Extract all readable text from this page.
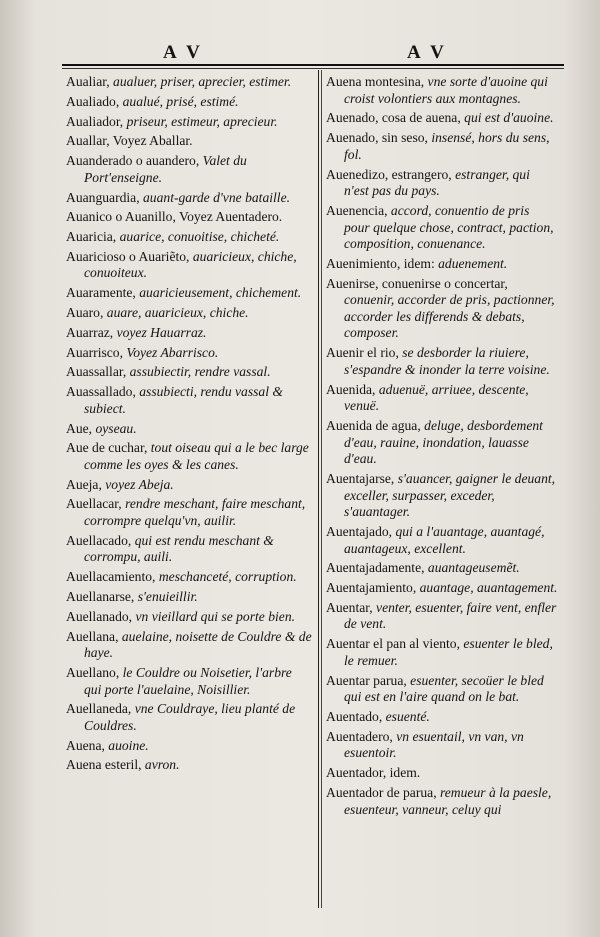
A V	A V
Aualiar, aualuer, priser, aprecier, estimer.
Aualiado, aualué, prisé, estimé.
Aualiador, priseur, estimeur, aprecieur.
Auallar, Voyez Aballar.
Auanderado o auandero, Valet du Port'enseigne.
Auanguardia, auant-garde d'vne bataille.
Auanico o Auanillo, Voyez Auentadero.
Auaricia, auarice, conuoitise, chicheté.
Auaricioso o Auariẽto, auaricieux, chiche, conuoiteux.
Auaramente, auaricieusement, chichement.
Auaro, auare, auaricieux, chiche.
Auarraz, voyez Hauarraz.
Auarrisco, Voyez Abarrisco.
Auassallar, assubiectir, rendre vassal.
Auassallado, assubiecti, rendu vassal & subiect.
Aue, oyseau.
Aue de cuchar, tout oiseau qui a le bec large comme les oyes & les canes.
Aueja, voyez Abeja.
Auellacar, rendre meschant, faire meschant, corrompre quelqu'vn, auilir.
Auellacado, qui est rendu meschant & corrompu, auili.
Auellacamiento, meschanceté, corruption.
Auellanarse, s'enuieillir.
Auellanado, vn vieillard qui se porte bien.
Auellana, auelaine, noisette de Couldre & de haye.
Auellano, le Couldre ou Noisetier, l'arbre qui porte l'auelaine, Noisillier.
Auellaneda, vne Couldraye, lieu planté de Couldres.
Auena, auoine.
Auena esteril, avron.
Auena montesina, vne sorte d'auoine qui croist volontiers aux montagnes.
Auenado, cosa de auena, qui est d'auoine.
Auenado, sin seso, insensé, hors du sens, fol.
Auenedizo, estrangero, estranger, qui n'est pas du pays.
Auenencia, accord, conuentio de pris pour quelque chose, contract, paction, composition, conuenance.
Auenimiento, idem: aduenement.
Auenirse, conuenirse o concertar, conuenir, accorder de pris, pactionner, accorder les differends & debats, composer.
Auenir el rio, se desborder la riuiere, s'espandre & inonder la terre voisine.
Auenida, aduenuë, arriuee, descente, venuë.
Auenida de agua, deluge, desbordement d'eau, rauine, inondation, lauasse d'eau.
Auentajarse, s'auancer, gaigner le deuant, exceller, surpasser, exceder, s'auantager.
Auentajado, qui a l'auantage, auantagé, auantageux, excellent.
Auentajadamente, auantageusemẽt.
Auentajamiento, auantage, auantagement.
Auentar, venter, esuenter, faire vent, enfler de vent.
Auentar el pan al viento, esuenter le bled, le remuer.
Auentar parua, esuenter, secoüer le bled qui est en l'aire quand on le bat.
Auentado, esuenté.
Auentadero, vn esuentail, vn van, vn esuentoir.
Auentador, idem.
Auentador de parua, remueur à la paesle, esuenteur, vanneur, celuy qui
